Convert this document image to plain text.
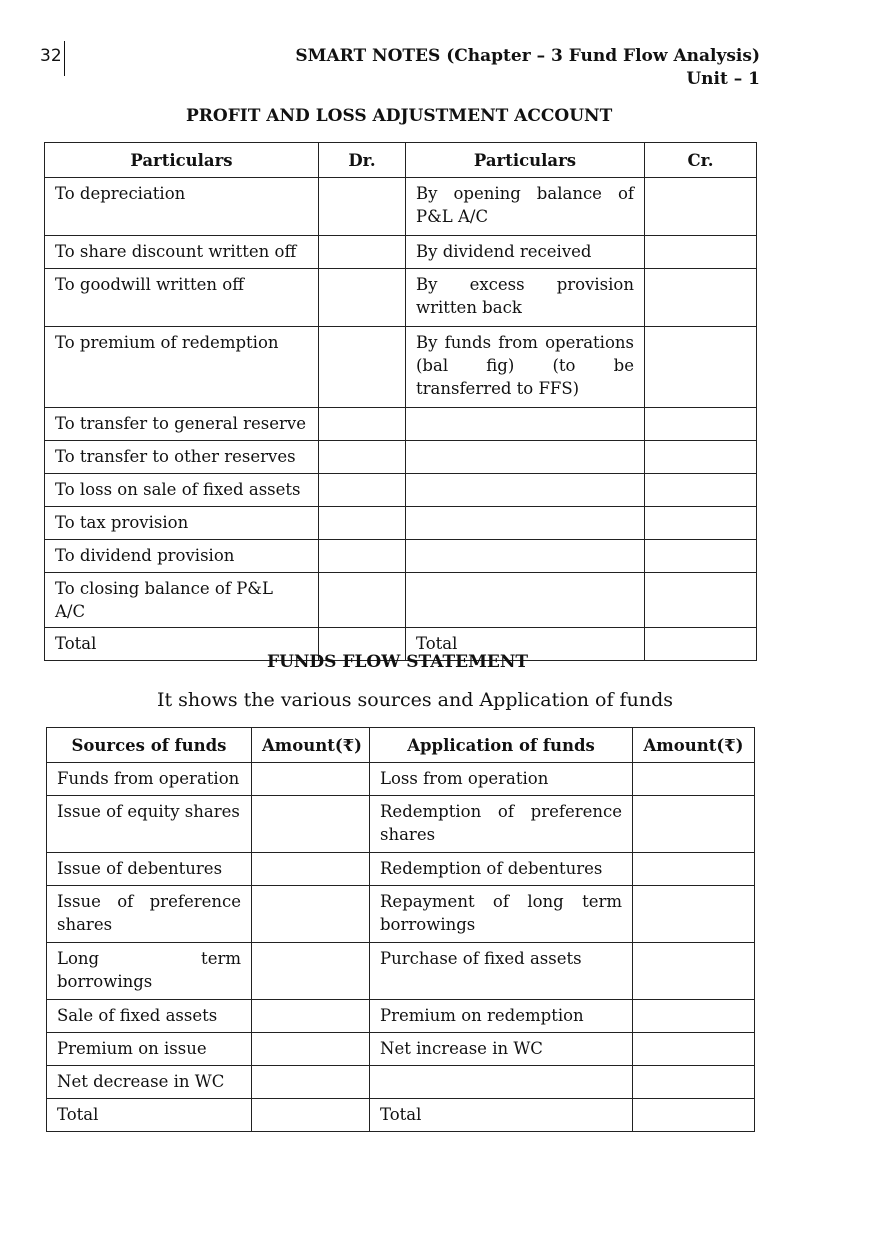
32	SMART NOTES (Chapter – 3 Fund Flow Analysis)
Unit – 1
PROFIT AND LOSS ADJUSTMENT ACCOUNT
Particulars	Dr.	Particulars	Cr.
To depreciation		By opening balance of P&L A/C	
To share discount written off		By dividend received	
To goodwill written off		By excess provision written back	
To premium of redemption		By funds from operations (bal fig) (to be transferred to FFS)	
To transfer to general reserve			
To transfer to other reserves			
To loss on sale of fixed assets			
To tax provision			
To dividend provision			
To closing balance of P&L A/C			
Total		Total	
FUNDS FLOW STATEMENT
It shows the various sources and Application of funds
Sources of funds	Amount(₹)	Application of funds	Amount(₹)
Funds from operation		Loss from operation	
Issue of equity shares		Redemption of preference shares	
Issue of debentures		Redemption of debentures	
Issue of preference shares		Repayment of long term borrowings	
Long term borrowings		Purchase of fixed assets	
Sale of fixed assets		Premium on redemption	
Premium on issue		Net increase in WC	
Net decrease in WC			
Total		Total	
